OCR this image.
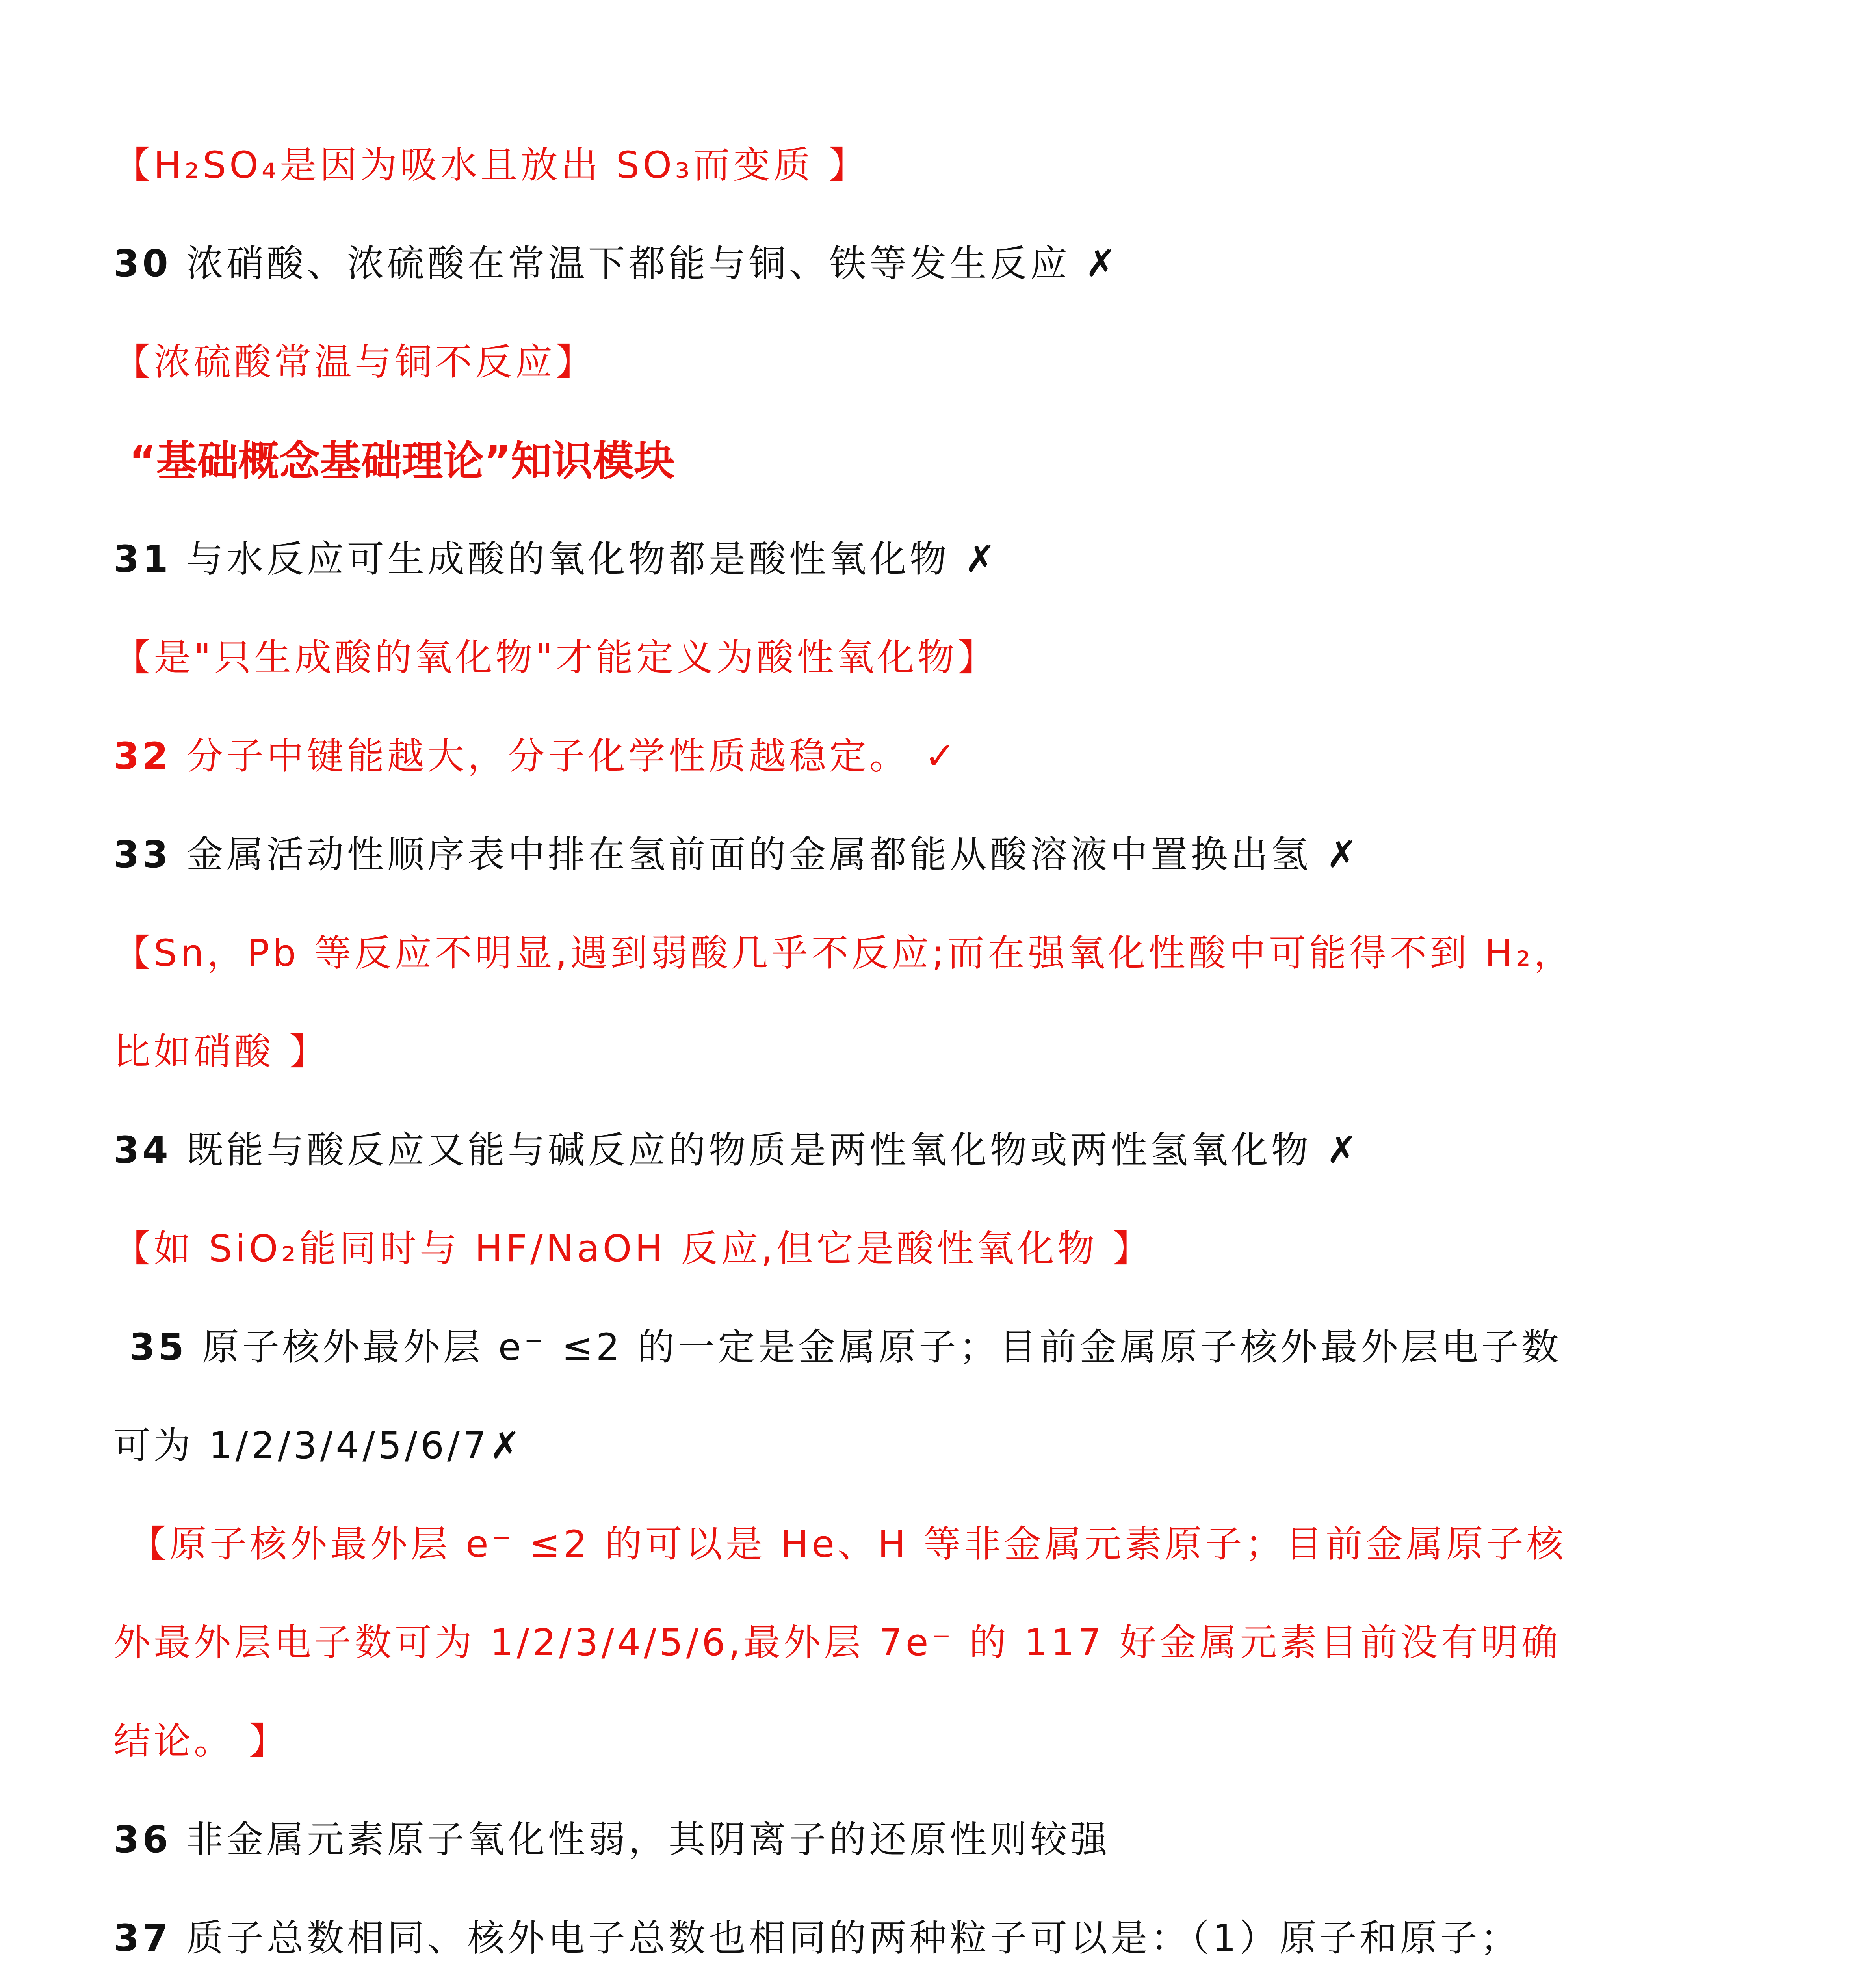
【H₂SO₄是因为吸水且放出 SO₃而变质 】
30 浓硝酸、浓硫酸在常温下都能与铜、铁等发生反应 ✗
【浓硫酸常温与铜不反应】
“基础概念基础理论”知识模块
31 与水反应可生成酸的氧化物都是酸性氧化物 ✗
【是"只生成酸的氧化物"才能定义为酸性氧化物】
32 分子中键能越大，分子化学性质越稳定。 ✓
33 金属活动性顺序表中排在氢前面的金属都能从酸溶液中置换出氢 ✗
【Sn，Pb 等反应不明显,遇到弱酸几乎不反应;而在强氧化性酸中可能得不到 H₂，
比如硝酸 】
34 既能与酸反应又能与碱反应的物质是两性氧化物或两性氢氧化物 ✗
【如 SiO₂能同时与 HF/NaOH 反应,但它是酸性氧化物 】
35 原子核外最外层 e⁻ ≤2 的一定是金属原子；目前金属原子核外最外层电子数
可为 1/2/3/4/5/6/7✗
【原子核外最外层 e⁻ ≤2 的可以是 He、H 等非金属元素原子；目前金属原子核
外最外层电子数可为 1/2/3/4/5/6,最外层 7e⁻ 的 117 好金属元素目前没有明确
结论。 】
36 非金属元素原子氧化性弱，其阴离子的还原性则较强
37 质子总数相同、核外电子总数也相同的两种粒子可以是：（1）原子和原子；
